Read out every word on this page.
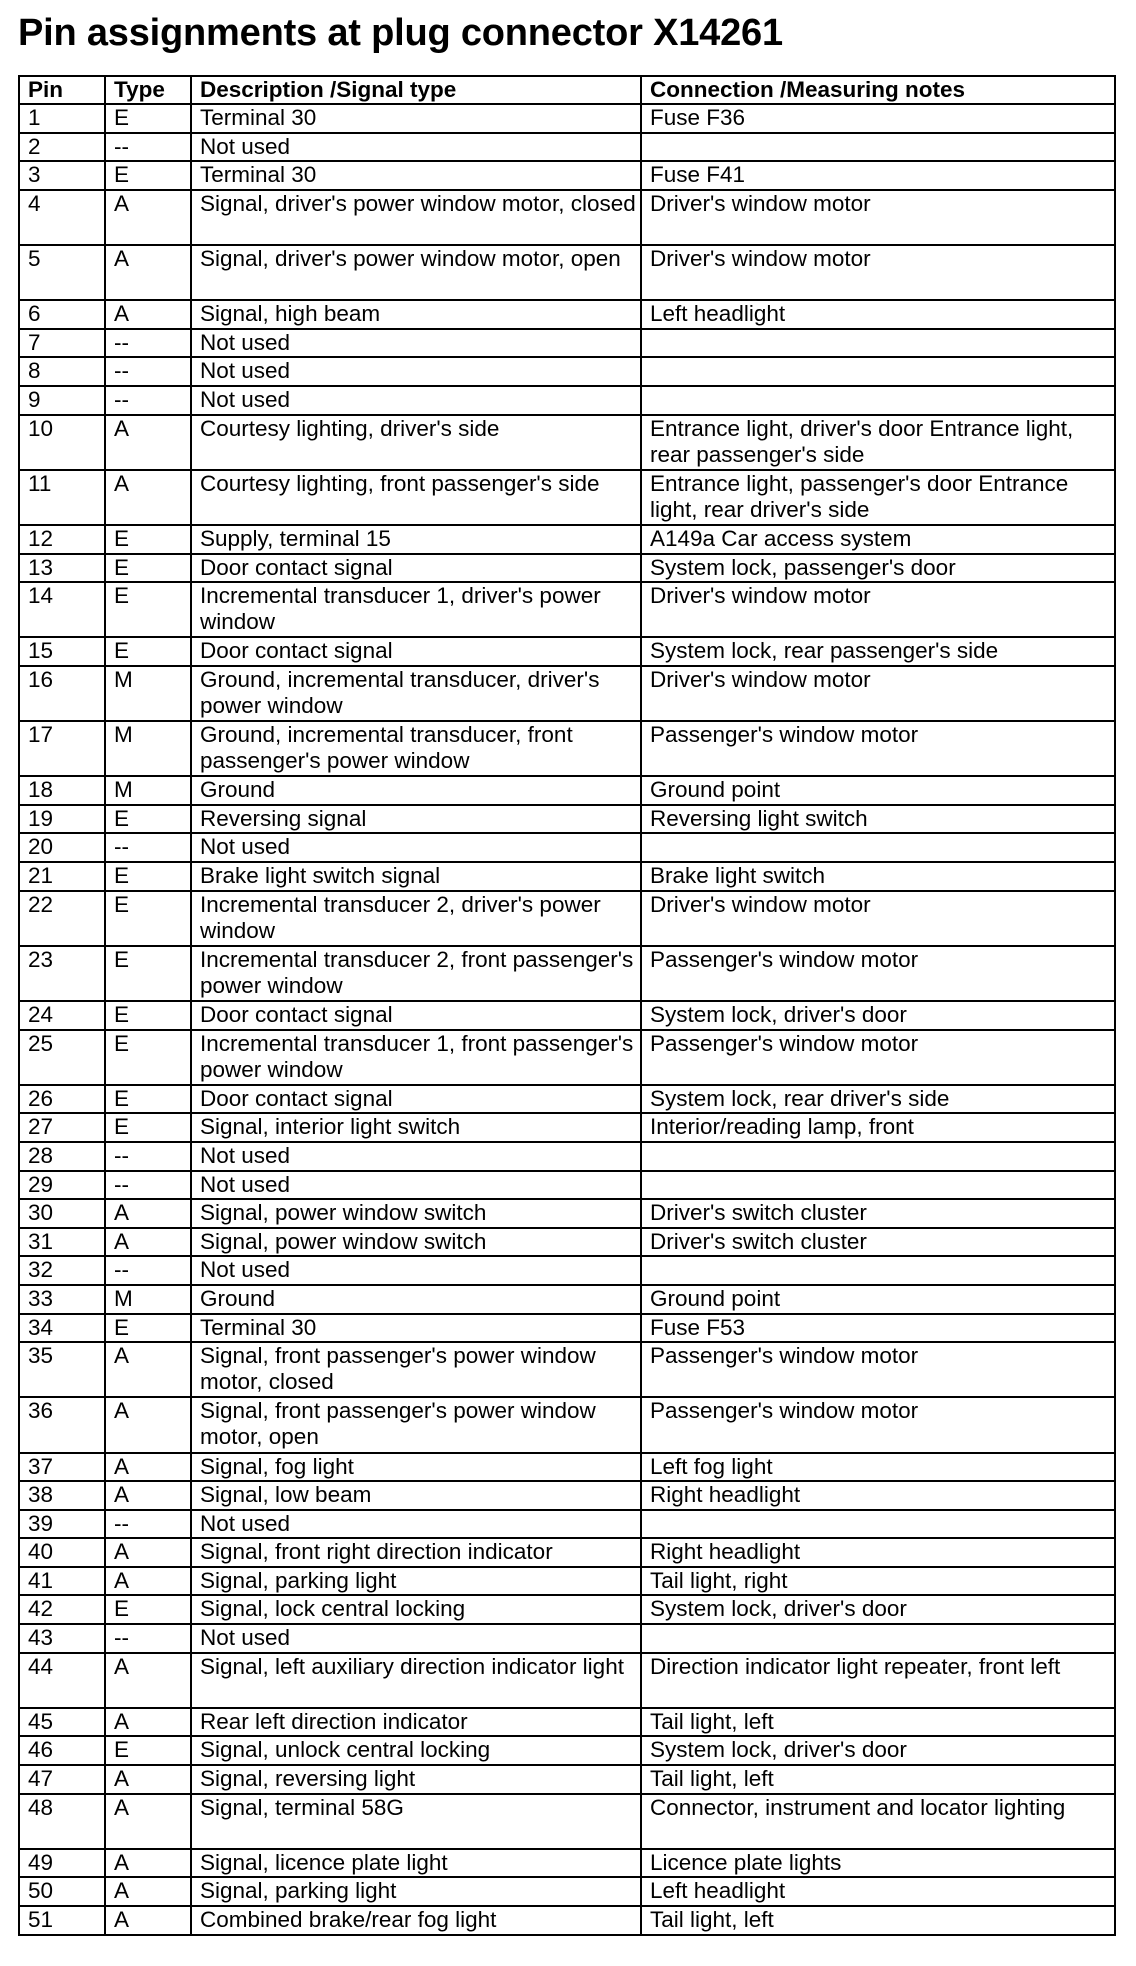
Pin assignments at plug connector X14261
Pin	Type	Description /Signal type	Connection /Measuring notes
1	E	Terminal 30	Fuse F36
2	--	Not used	
3	E	Terminal 30	Fuse F41
4	A	Signal, driver's power window motor, closed	Driver's window motor
5	A	Signal, driver's power window motor, open	Driver's window motor
6	A	Signal, high beam	Left headlight
7	--	Not used	
8	--	Not used	
9	--	Not used	
10	A	Courtesy lighting, driver's side	Entrance light, driver's door Entrance light, rear passenger's side
11	A	Courtesy lighting, front passenger's side	Entrance light, passenger's door Entrance light, rear driver's side
12	E	Supply, terminal 15	A149a Car access system
13	E	Door contact signal	System lock, passenger's door
14	E	Incremental transducer 1, driver's power window	Driver's window motor
15	E	Door contact signal	System lock, rear passenger's side
16	M	Ground, incremental transducer, driver's power window	Driver's window motor
17	M	Ground, incremental transducer, front passenger's power window	Passenger's window motor
18	M	Ground	Ground point
19	E	Reversing signal	Reversing light switch
20	--	Not used	
21	E	Brake light switch signal	Brake light switch
22	E	Incremental transducer 2, driver's power window	Driver's window motor
23	E	Incremental transducer 2, front passenger's power window	Passenger's window motor
24	E	Door contact signal	System lock, driver's door
25	E	Incremental transducer 1, front passenger's power window	Passenger's window motor
26	E	Door contact signal	System lock, rear driver's side
27	E	Signal, interior light switch	Interior/reading lamp, front
28	--	Not used	
29	--	Not used	
30	A	Signal, power window switch	Driver's switch cluster
31	A	Signal, power window switch	Driver's switch cluster
32	--	Not used	
33	M	Ground	Ground point
34	E	Terminal 30	Fuse F53
35	A	Signal, front passenger's power window motor, closed	Passenger's window motor
36	A	Signal, front passenger's power window motor, open	Passenger's window motor
37	A	Signal, fog light	Left fog light
38	A	Signal, low beam	Right headlight
39	--	Not used	
40	A	Signal, front right direction indicator	Right headlight
41	A	Signal, parking light	Tail light, right
42	E	Signal, lock central locking	System lock, driver's door
43	--	Not used	
44	A	Signal, left auxiliary direction indicator light	Direction indicator light repeater, front left
45	A	Rear left direction indicator	Tail light, left
46	E	Signal, unlock central locking	System lock, driver's door
47	A	Signal, reversing light	Tail light, left
48	A	Signal, terminal 58G	Connector, instrument and locator lighting
49	A	Signal, licence plate light	Licence plate lights
50	A	Signal, parking light	Left headlight
51	A	Combined brake/rear fog light	Tail light, left
